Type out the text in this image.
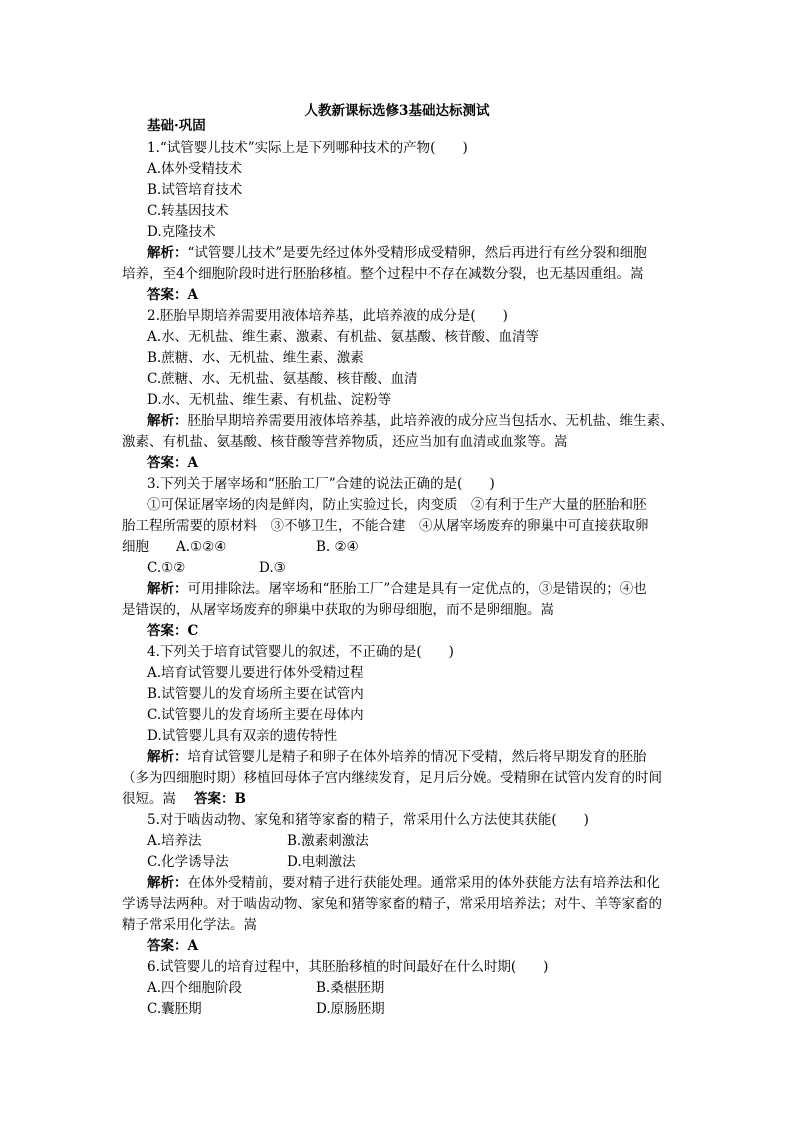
人教新课标选修3基础达标测试
基础·巩固
1.“试管婴儿技术”实际上是下列哪种技术的产物(　　)
A.体外受精技术
B.试管培育技术
C.转基因技术
D.克隆技术
解析：“试管婴儿技术”是要先经过体外受精形成受精卵，然后再进行有丝分裂和细胞
培养，至4个细胞阶段时进行胚胎移植。整个过程中不存在减数分裂，也无基因重组。嵩
答案：A
2.胚胎早期培养需要用液体培养基，此培养液的成分是(　　)
A.水、无机盐、维生素、激素、有机盐、氨基酸、核苷酸、血清等
B.蔗糖、水、无机盐、维生素、激素
C.蔗糖、水、无机盐、氨基酸、核苷酸、血清
D.水、无机盐、维生素、有机盐、淀粉等
解析：胚胎早期培养需要用液体培养基，此培养液的成分应当包括水、无机盐、维生素、
激素、有机盐、氨基酸、核苷酸等营养物质，还应当加有血清或血浆等。嵩
答案：A
3.下列关于屠宰场和“胚胎工厂”合建的说法正确的是(　　)
①可保证屠宰场的肉是鲜肉，防止实验过长，肉变质　②有利于生产大量的胚胎和胚
胎工程所需要的原材料　③不够卫生，不能合建　④从屠宰场废弃的卵巢中可直接获取卵
细胞　　A.①②④	B. ②④
C.①②	D.③
解析：可用排除法。屠宰场和“胚胎工厂”合建是具有一定优点的，③是错误的；④也
是错误的，从屠宰场废弃的卵巢中获取的为卵母细胞，而不是卵细胞。嵩
答案：C
4.下列关于培育试管婴儿的叙述，不正确的是(　　)
A.培育试管婴儿要进行体外受精过程
B.试管婴儿的发育场所主要在试管内
C.试管婴儿的发育场所主要在母体内
D.试管婴儿具有双亲的遗传特性
解析：培育试管婴儿是精子和卵子在体外培养的情况下受精，然后将早期发育的胚胎
（多为四细胞时期）移植回母体子宫内继续发育，足月后分娩。受精卵在试管内发育的时间
很短。嵩 答案：B
5.对于啮齿动物、家兔和猪等家畜的精子，常采用什么方法使其获能(　　)
A.培养法	B.激素刺激法
C.化学诱导法	D.电刺激法
解析：在体外受精前，要对精子进行获能处理。通常采用的体外获能方法有培养法和化
学诱导法两种。对于啮齿动物、家兔和猪等家畜的精子，常采用培养法；对牛、羊等家畜的
精子常采用化学法。嵩
答案：A
6.试管婴儿的培育过程中，其胚胎移植的时间最好在什么时期(　　)
A.四个细胞阶段	B.桑椹胚期
C.囊胚期	D.原肠胚期
